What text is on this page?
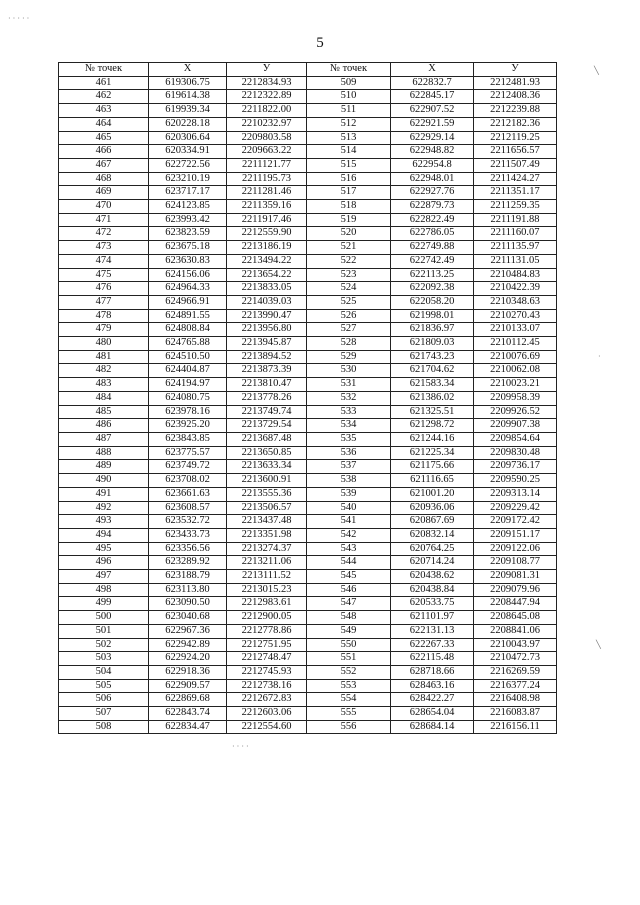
5
№ точек	X	У	№ точек	X	У
461	619306.75	2212834.93	509	622832.7	2212481.93
462	619614.38	2212322.89	510	622845.17	2212408.36
463	619939.34	2211822.00	511	622907.52	2212239.88
464	620228.18	2210232.97	512	622921.59	2212182.36
465	620306.64	2209803.58	513	622929.14	2212119.25
466	620334.91	2209663.22	514	622948.82	2211656.57
467	622722.56	2211121.77	515	622954.8	2211507.49
468	623210.19	2211195.73	516	622948.01	2211424.27
469	623717.17	2211281.46	517	622927.76	2211351.17
470	624123.85	2211359.16	518	622879.73	2211259.35
471	623993.42	2211917.46	519	622822.49	2211191.88
472	623823.59	2212559.90	520	622786.05	2211160.07
473	623675.18	2213186.19	521	622749.88	2211135.97
474	623630.83	2213494.22	522	622742.49	2211131.05
475	624156.06	2213654.22	523	622113.25	2210484.83
476	624964.33	2213833.05	524	622092.38	2210422.39
477	624966.91	2214039.03	525	622058.20	2210348.63
478	624891.55	2213990.47	526	621998.01	2210270.43
479	624808.84	2213956.80	527	621836.97	2210133.07
480	624765.88	2213945.87	528	621809.03	2210112.45
481	624510.50	2213894.52	529	621743.23	2210076.69
482	624404.87	2213873.39	530	621704.62	2210062.08
483	624194.97	2213810.47	531	621583.34	2210023.21
484	624080.75	2213778.26	532	621386.02	2209958.39
485	623978.16	2213749.74	533	621325.51	2209926.52
486	623925.20	2213729.54	534	621298.72	2209907.38
487	623843.85	2213687.48	535	621244.16	2209854.64
488	623775.57	2213650.85	536	621225.34	2209830.48
489	623749.72	2213633.34	537	621175.66	2209736.17
490	623708.02	2213600.91	538	621116.65	2209590.25
491	623661.63	2213555.36	539	621001.20	2209313.14
492	623608.57	2213506.57	540	620936.06	2209229.42
493	623532.72	2213437.48	541	620867.69	2209172.42
494	623433.73	2213351.98	542	620832.14	2209151.17
495	623356.56	2213274.37	543	620764.25	2209122.06
496	623289.92	2213211.06	544	620714.24	2209108.77
497	623188.79	2213111.52	545	620438.62	2209081.31
498	623113.80	2213015.23	546	620438.84	2209079.96
499	623090.50	2212983.61	547	620533.75	2208447.94
500	623040.68	2212900.05	548	621101.97	2208645.08
501	622967.36	2212778.86	549	622131.13	2208841.06
502	622942.89	2212751.95	550	622267.33	2210043.97
503	622924.20	2212748.47	551	622115.48	2210472.73
504	622918.36	2212745.93	552	628718.66	2216269.59
505	622909.57	2212738.16	553	628463.16	2216377.24
506	622869.68	2212672.83	554	628422.27	2216408.98
507	622843.74	2212603.06	555	628654.04	2216083.87
508	622834.47	2212554.60	556	628684.14	2216156.11
· · · · ·
╲
·
╲
· · · ·
